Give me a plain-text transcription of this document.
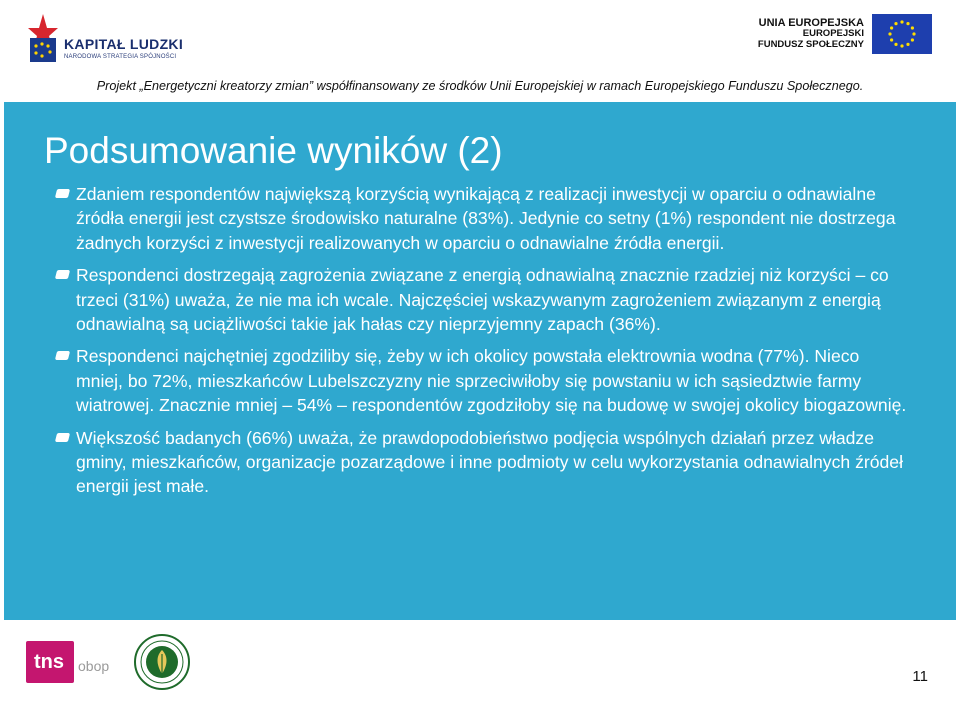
KAPITAŁ LUDZKI
NARODOWA STRATEGIA SPÓJNOŚCI
UNIA EUROPEJSKA
EUROPEJSKI
FUNDUSZ SPOŁECZNY
Projekt „Energetyczni kreatorzy zmian” współfinansowany ze środków Unii Europejskiej w ramach Europejskiego Funduszu Społecznego.
Podsumowanie wyników (2)
Zdaniem respondentów największą korzyścią wynikającą z realizacji inwestycji w oparciu o odnawialne źródła energii jest czystsze środowisko naturalne (83%). Jedynie co setny (1%) respondent nie dostrzega żadnych korzyści z inwestycji realizowanych w oparciu o odnawialne źródła energii.
Respondenci dostrzegają zagrożenia związane z energią odnawialną znacznie rzadziej niż korzyści – co trzeci (31%) uważa, że nie ma ich wcale. Najczęściej wskazywanym zagrożeniem związanym z energią odnawialną są uciążliwości takie jak hałas czy nieprzyjemny zapach (36%).
Respondenci najchętniej zgodziliby się, żeby w ich okolicy powstała elektrownia wodna (77%). Nieco mniej, bo 72%, mieszkańców Lubelszczyzny nie sprzeciwiłoby się powstaniu w ich sąsiedztwie farmy wiatrowej. Znacznie mniej – 54% – respondentów zgodziłoby się na budowę w swojej okolicy biogazownię.
Większość badanych (66%) uważa, że prawdopodobieństwo podjęcia wspólnych działań przez władze gminy, mieszkańców, organizacje pozarządowe i inne podmioty w celu wykorzystania odnawialnych źródeł energii jest małe.
tns obop
11
